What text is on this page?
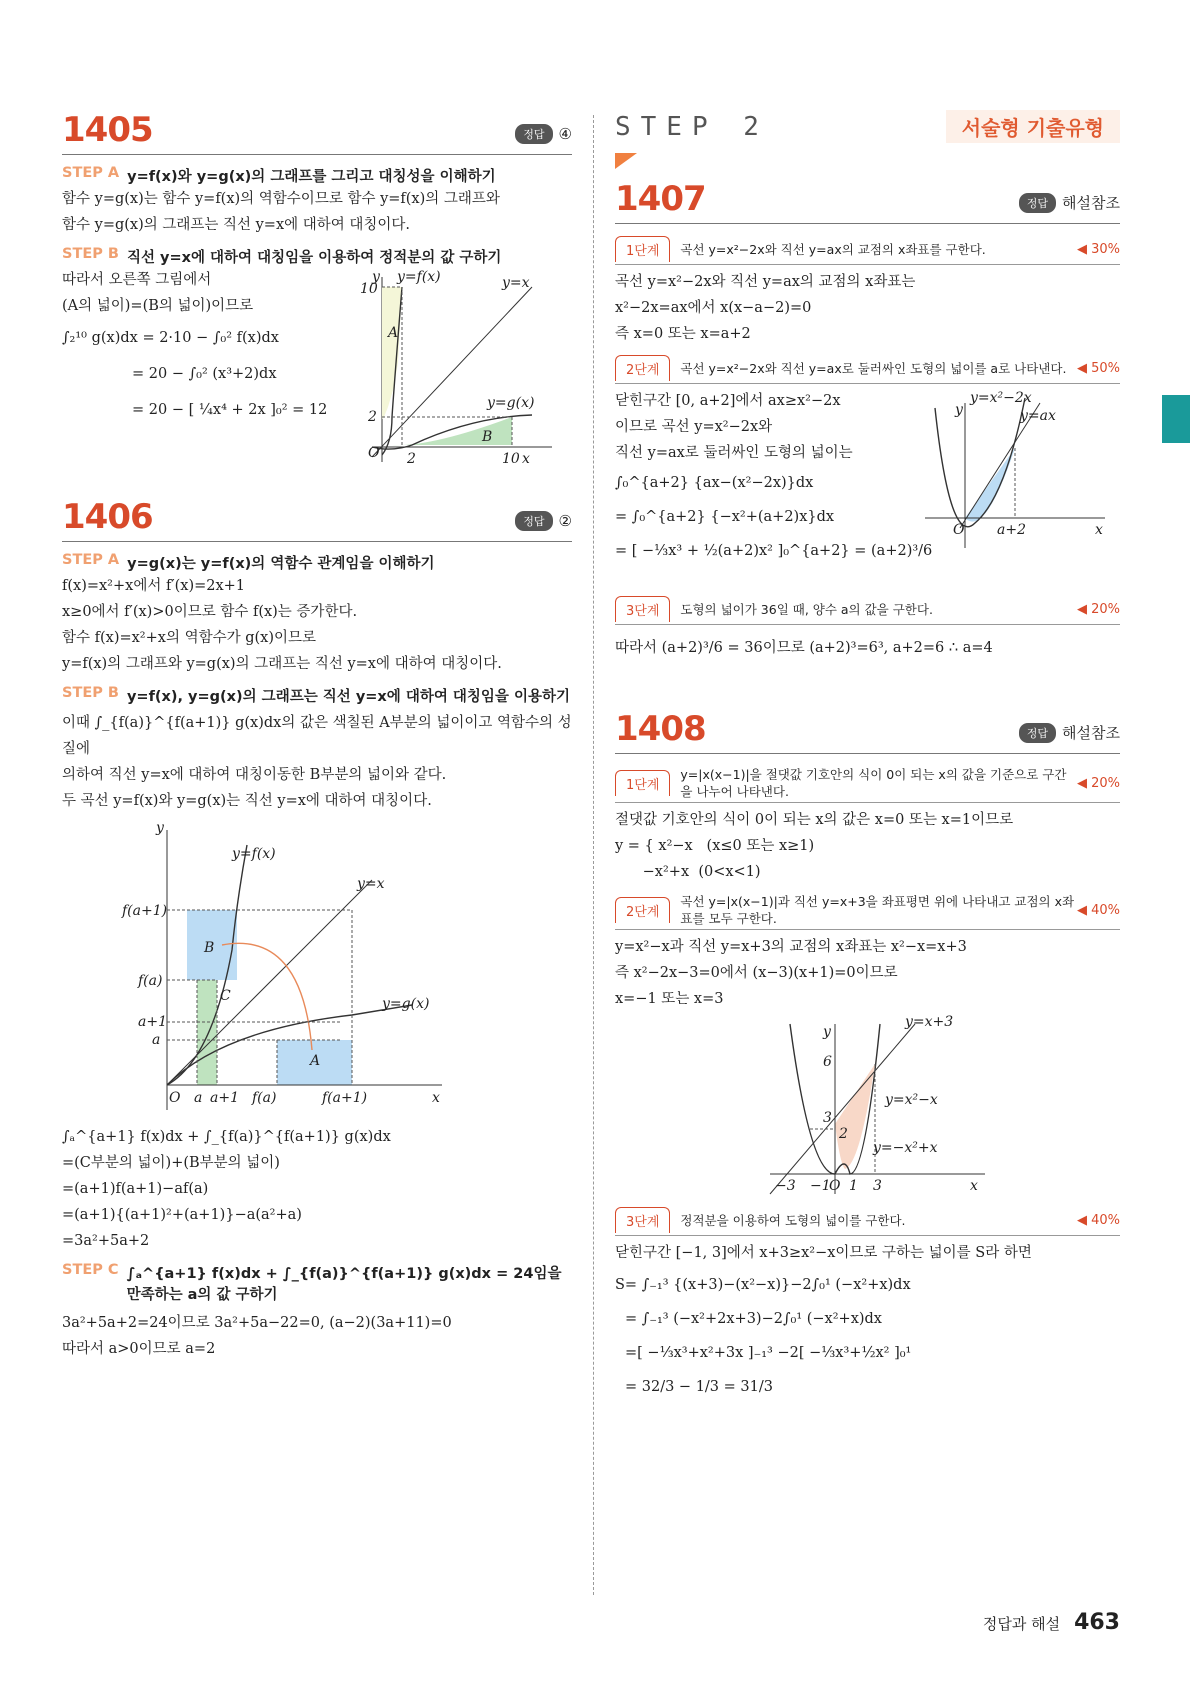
1405	정답 ④
STEP A y=f(x)와 y=g(x)의 그래프를 그리고 대칭성을 이해하기
함수 y=g(x)는 함수 y=f(x)의 역함수이므로 함수 y=f(x)의 그래프와
함수 y=g(x)의 그래프는 직선 y=x에 대하여 대칭이다.
STEP B 직선 y=x에 대하여 대칭임을 이용하여 정적분의 값 구하기
따라서 오른쪽 그림에서
(A의 넓이)=(B의 넓이)이므로
∫₂¹⁰ g(x)dx = 2·10 − ∫₀² f(x)dx
= 20 − ∫₀² (x³+2)dx
= 20 − [ ¼x⁴ + 2x ]₀² = 12
y y=f(x)	y=x
y=g(x)
A
B
10
2
2	10
O	x
1406	정답 ②
STEP A y=g(x)는 y=f(x)의 역함수 관계임을 이해하기
f(x)=x²+x에서 f′(x)=2x+1
x≥0에서 f′(x)>0이므로 함수 f(x)는 증가한다.
함수 f(x)=x²+x의 역함수가 g(x)이므로
y=f(x)의 그래프와 y=g(x)의 그래프는 직선 y=x에 대하여 대칭이다.
STEP B y=f(x), y=g(x)의 그래프는 직선 y=x에 대하여 대칭임을 이용하기
이때 ∫_{f(a)}^{f(a+1)} g(x)dx의 값은 색칠된 A부분의 넓이이고 역함수의 성질에
의하여 직선 y=x에 대하여 대칭이동한 B부분의 넓이와 같다.
두 곡선 y=f(x)와 y=g(x)는 직선 y=x에 대하여 대칭이다.
y
y=f(x)
y=x
y=g(x)
f(a+1)
f(a)
a+1
a
B
C
A
O a a+1 f(a)	f(a+1)	x
∫ₐ^{a+1} f(x)dx + ∫_{f(a)}^{f(a+1)} g(x)dx
=(C부분의 넓이)+(B부분의 넓이)
=(a+1)f(a+1)−af(a)
=(a+1){(a+1)²+(a+1)}−a(a²+a)
=3a²+5a+2
STEP C ∫ₐ^{a+1} f(x)dx + ∫_{f(a)}^{f(a+1)} g(x)dx = 24임을 만족하는 a의 값 구하기
3a²+5a+2=24이므로 3a²+5a−22=0, (a−2)(3a+11)=0
따라서 a>0이므로 a=2
STEP 2	서술형 기출유형
1407	정답 해설참조
1단계	곡선 y=x²−2x와 직선 y=ax의 교점의 x좌표를 구한다.	◀ 30%
곡선 y=x²−2x와 직선 y=ax의 교점의 x좌표는
x²−2x=ax에서 x(x−a−2)=0
즉 x=0 또는 x=a+2
2단계	곡선 y=x²−2x와 직선 y=ax로 둘러싸인 도형의 넓이를 a로 나타낸다. ◀ 50%
닫힌구간 [0, a+2]에서 ax≥x²−2x
이므로 곡선 y=x²−2x와
직선 y=ax로 둘러싸인 도형의 넓이는
∫₀^{a+2} {ax−(x²−2x)}dx
= ∫₀^{a+2} {−x²+(a+2)x}dx
= [ −⅓x³ + ½(a+2)x² ]₀^{a+2} = (a+2)³/6
y=x²−2x
y=ax
y
O a+2	x
3단계	도형의 넓이가 36일 때, 양수 a의 값을 구한다.	◀ 20%
따라서 (a+2)³/6 = 36이므로 (a+2)³=6³, a+2=6 ∴ a=4
1408	정답 해설참조
1단계
y=|x(x−1)|을 절댓값 기호안의 식이 0이 되는 x의 값을 기준으로 구간을 나누어 나타낸다.
◀ 20%
절댓값 기호안의 식이 0이 되는 x의 값은 x=0 또는 x=1이므로
y = { x²−x   (x≤0 또는 x≥1)
−x²+x  (0<x<1)
2단계
곡선 y=|x(x−1)|과 직선 y=x+3을 좌표평면 위에 나타내고 교점의 x좌표를 모두 구한다.
◀ 40%
y=x²−x과 직선 y=x+3의 교점의 x좌표는 x²−x=x+3
즉 x²−2x−3=0에서 (x−3)(x+1)=0이므로
x=−1 또는 x=3
y=x+3
y=x²−x
y=−x²+x
y
6
3
2
−3 −1
O 1 3	x
3단계	정적분을 이용하여 도형의 넓이를 구한다.	◀ 40%
닫힌구간 [−1, 3]에서 x+3≥x²−x이므로 구하는 넓이를 S라 하면
S= ∫₋₁³ {(x+3)−(x²−x)}−2∫₀¹ (−x²+x)dx
= ∫₋₁³ (−x²+2x+3)−2∫₀¹ (−x²+x)dx
=[ −⅓x³+x²+3x ]₋₁³ −2[ −⅓x³+½x² ]₀¹
= 32/3 − 1/3 = 31/3
정답과 해설 463
